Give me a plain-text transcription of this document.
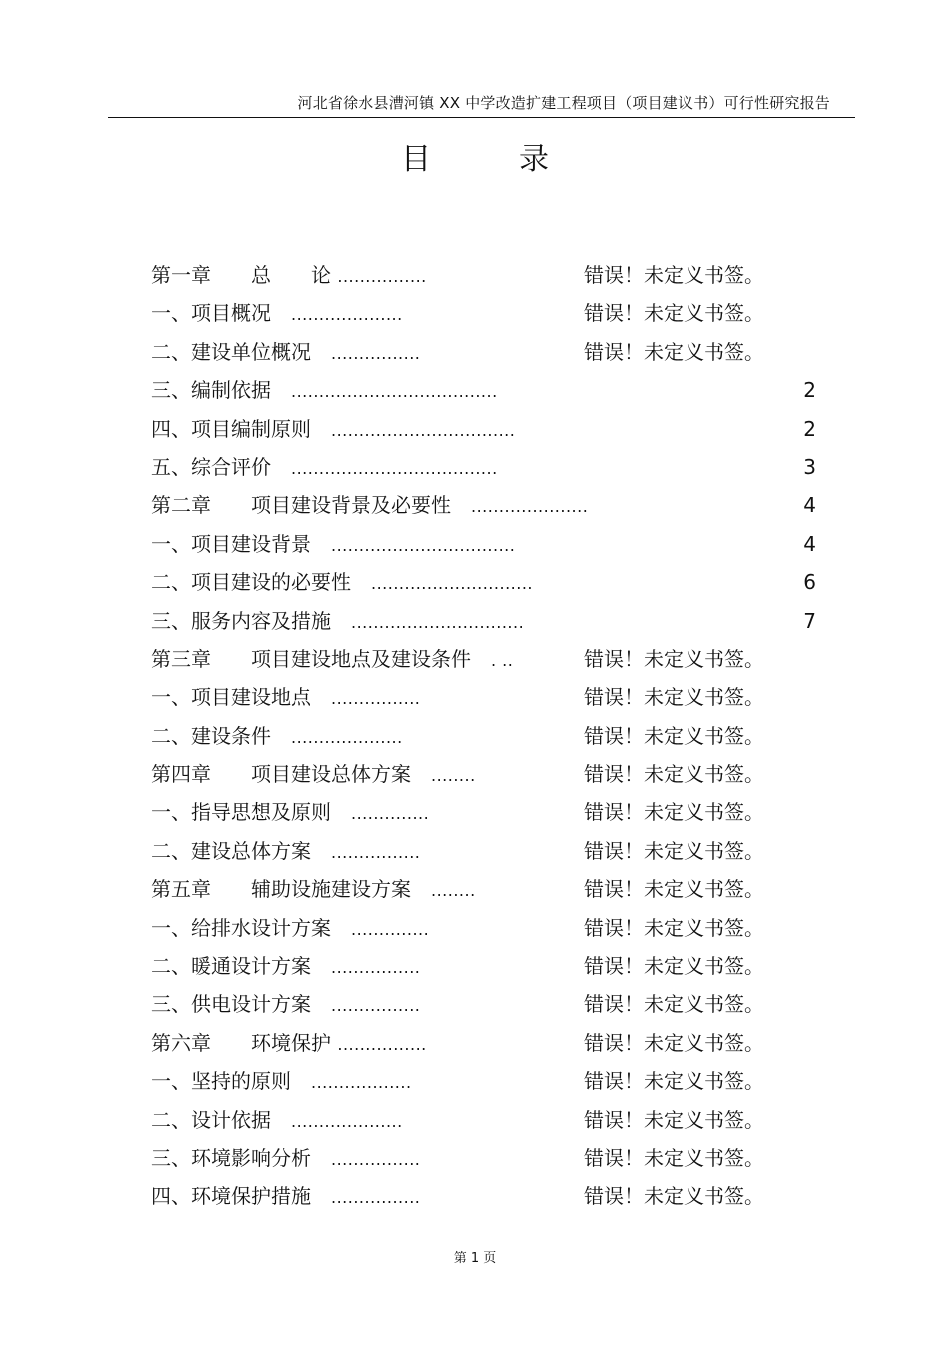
河北省徐水县漕河镇 XX 中学改造扩建工程项目（项目建议书）可行性研究报告
目录
第一章　　总　　论 ................	错误！未定义书签。
一、项目概况　 ....................	错误！未定义书签。
二、建设单位概况　 ................	错误！未定义书签。
三、编制依据　 .....................................	2
四、项目编制原则　 .................................	2
五、综合评价　 .....................................	3
第二章　　项目建设背景及必要性　 .....................	4
一、项目建设背景　 .................................	4
二、项目建设的必要性　 .............................	6
三、服务内容及措施　 ...............................	7
第三章　　项目建设地点及建设条件　 . ..	错误！未定义书签。
一、项目建设地点　 ................	错误！未定义书签。
二、建设条件　 ....................	错误！未定义书签。
第四章　　项目建设总体方案　 ........	错误！未定义书签。
一、指导思想及原则　 ..............	错误！未定义书签。
二、建设总体方案　 ................	错误！未定义书签。
第五章　　辅助设施建设方案　 ........	错误！未定义书签。
一、给排水设计方案　 ..............	错误！未定义书签。
二、暖通设计方案　 ................	错误！未定义书签。
三、供电设计方案　 ................	错误！未定义书签。
第六章　　环境保护 ................	错误！未定义书签。
一、坚持的原则　 ..................	错误！未定义书签。
二、设计依据　 ....................	错误！未定义书签。
三、环境影响分析　 ................	错误！未定义书签。
四、环境保护措施　 ................	错误！未定义书签。
第 1 页
